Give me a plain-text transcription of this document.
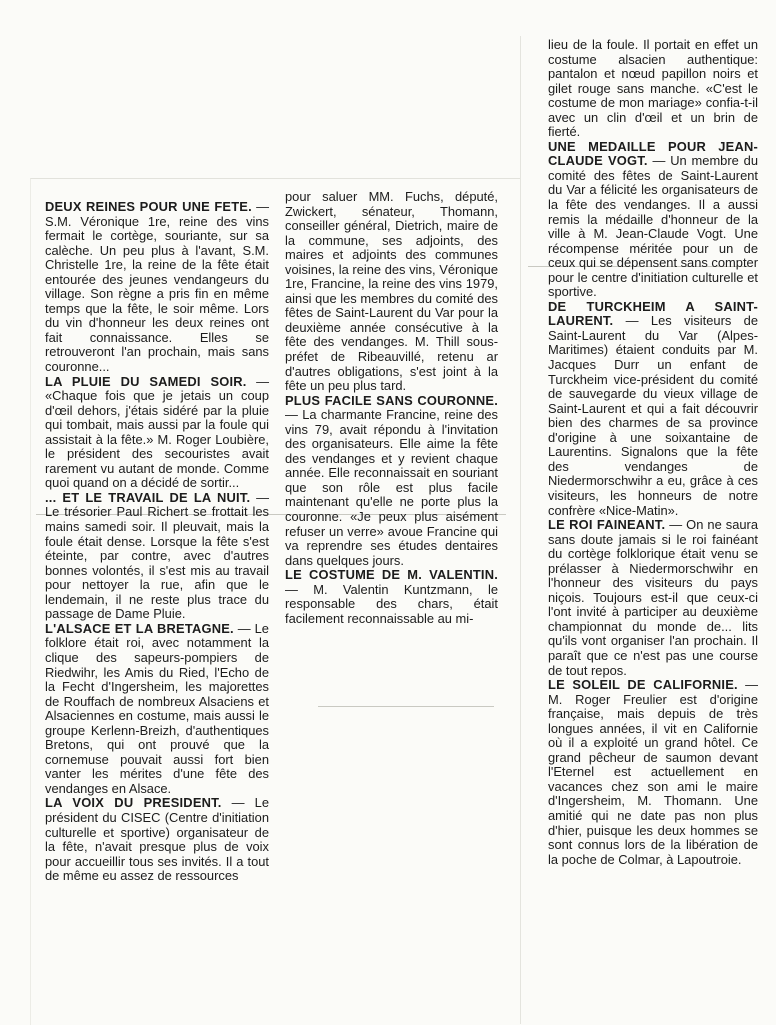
DEUX REINES POUR UNE FETE. — S.M. Véronique 1re, reine des vins fermait le cortège, souriante, sur sa calèche. Un peu plus à l'avant, S.M. Christelle 1re, la reine de la fête était entourée des jeunes vendangeurs du village. Son règne a pris fin en même temps que la fête, le soir même. Lors du vin d'honneur les deux reines ont fait connaissance. Elles se retrouveront l'an prochain, mais sans couronne...

LA PLUIE DU SAMEDI SOIR. — «Chaque fois que je jetais un coup d'œil dehors, j'étais sidéré par la pluie qui tombait, mais aussi par la foule qui assistait à la fête.» M. Roger Loubière, le président des secouristes avait rarement vu autant de monde. Comme quoi quand on a décidé de sortir...

... ET LE TRAVAIL DE LA NUIT. — Le trésorier Paul Richert se frottait les mains samedi soir. Il pleuvait, mais la foule était dense. Lorsque la fête s'est éteinte, par contre, avec d'autres bonnes volontés, il s'est mis au travail pour nettoyer la rue, afin que le lendemain, il ne reste plus trace du passage de Dame Pluie.

L'ALSACE ET LA BRETAGNE. — Le folklore était roi, avec notamment la clique des sapeurs-pompiers de Riedwihr, les Amis du Ried, l'Echo de la Fecht d'Ingersheim, les majorettes de Rouffach de nombreux Alsaciens et Alsaciennes en costume, mais aussi le groupe Kerlenn-Breizh, d'authentiques Bretons, qui ont prouvé que la cornemuse pouvait aussi fort bien vanter les mérites d'une fête des vendanges en Alsace.

LA VOIX DU PRESIDENT. — Le président du CISEC (Centre d'initiation culturelle et sportive) organisateur de la fête, n'avait presque plus de voix pour accueillir tous ses invités. Il a tout de même eu assez de ressources

pour saluer MM. Fuchs, député, Zwickert, sénateur, Thomann, conseiller général, Dietrich, maire de la commune, ses adjoints, des maires et adjoints des communes voisines, la reine des vins, Véronique 1re, Francine, la reine des vins 1979, ainsi que les membres du comité des fêtes de Saint-Laurent du Var pour la deuxième année consécutive à la fête des vendanges. M. Thill sous-préfet de Ribeauvillé, retenu ar d'autres obligations, s'est joint à la fête un peu plus tard.

PLUS FACILE SANS COURONNE. — La charmante Francine, reine des vins 79, avait répondu à l'invitation des organisateurs. Elle aime la fête des vendanges et y revient chaque année. Elle reconnaissait en souriant que son rôle est plus facile maintenant qu'elle ne porte plus la couronne. «Je peux plus aisément refuser un verre» avoue Francine qui va reprendre ses études dentaires dans quelques jours.

LE COSTUME DE M. VALENTIN. — M. Valentin Kuntzmann, le responsable des chars, était facilement reconnaissable au mi-

lieu de la foule. Il portait en effet un costume alsacien authentique: pantalon et nœud papillon noirs et gilet rouge sans manche. «C'est le costume de mon mariage» confia-t-il avec un clin d'œil et un brin de fierté.

UNE MEDAILLE POUR JEAN-CLAUDE VOGT. — Un membre du comité des fêtes de Saint-Laurent du Var a félicité les organisateurs de la fête des vendanges. Il a aussi remis la médaille d'honneur de la ville à M. Jean-Claude Vogt. Une récompense méritée pour un de ceux qui se dépensent sans compter pour le centre d'initiation culturelle et sportive.

DE TURCKHEIM A SAINT-LAURENT. — Les visiteurs de Saint-Laurent du Var (Alpes-Maritimes) étaient conduits par M. Jacques Durr un enfant de Turckheim vice-président du comité de sauvegarde du vieux village de Saint-Laurent et qui a fait découvrir bien des charmes de sa province d'origine à une soixantaine de Laurentins. Signalons que la fête des vendanges de Niedermorschwihr a eu, grâce à ces visiteurs, les honneurs de notre confrère «Nice-Matin».

LE ROI FAINEANT. — On ne saura sans doute jamais si le roi fainéant du cortège folklorique était venu se prélasser à Niedermorschwihr en l'honneur des visiteurs du pays niçois. Toujours est-il que ceux-ci l'ont invité à participer au deuxième championnat du monde de... lits qu'ils vont organiser l'an prochain. Il paraît que ce n'est pas une course de tout repos.

LE SOLEIL DE CALIFORNIE. — M. Roger Freulier est d'origine française, mais depuis de très longues années, il vit en Californie où il a exploité un grand hôtel. Ce grand pêcheur de saumon devant l'Eternel est actuellement en vacances chez son ami le maire d'Ingersheim, M. Thomann. Une amitié qui ne date pas non plus d'hier, puisque les deux hommes se sont connus lors de la libération de la poche de Colmar, à Lapoutroie.
